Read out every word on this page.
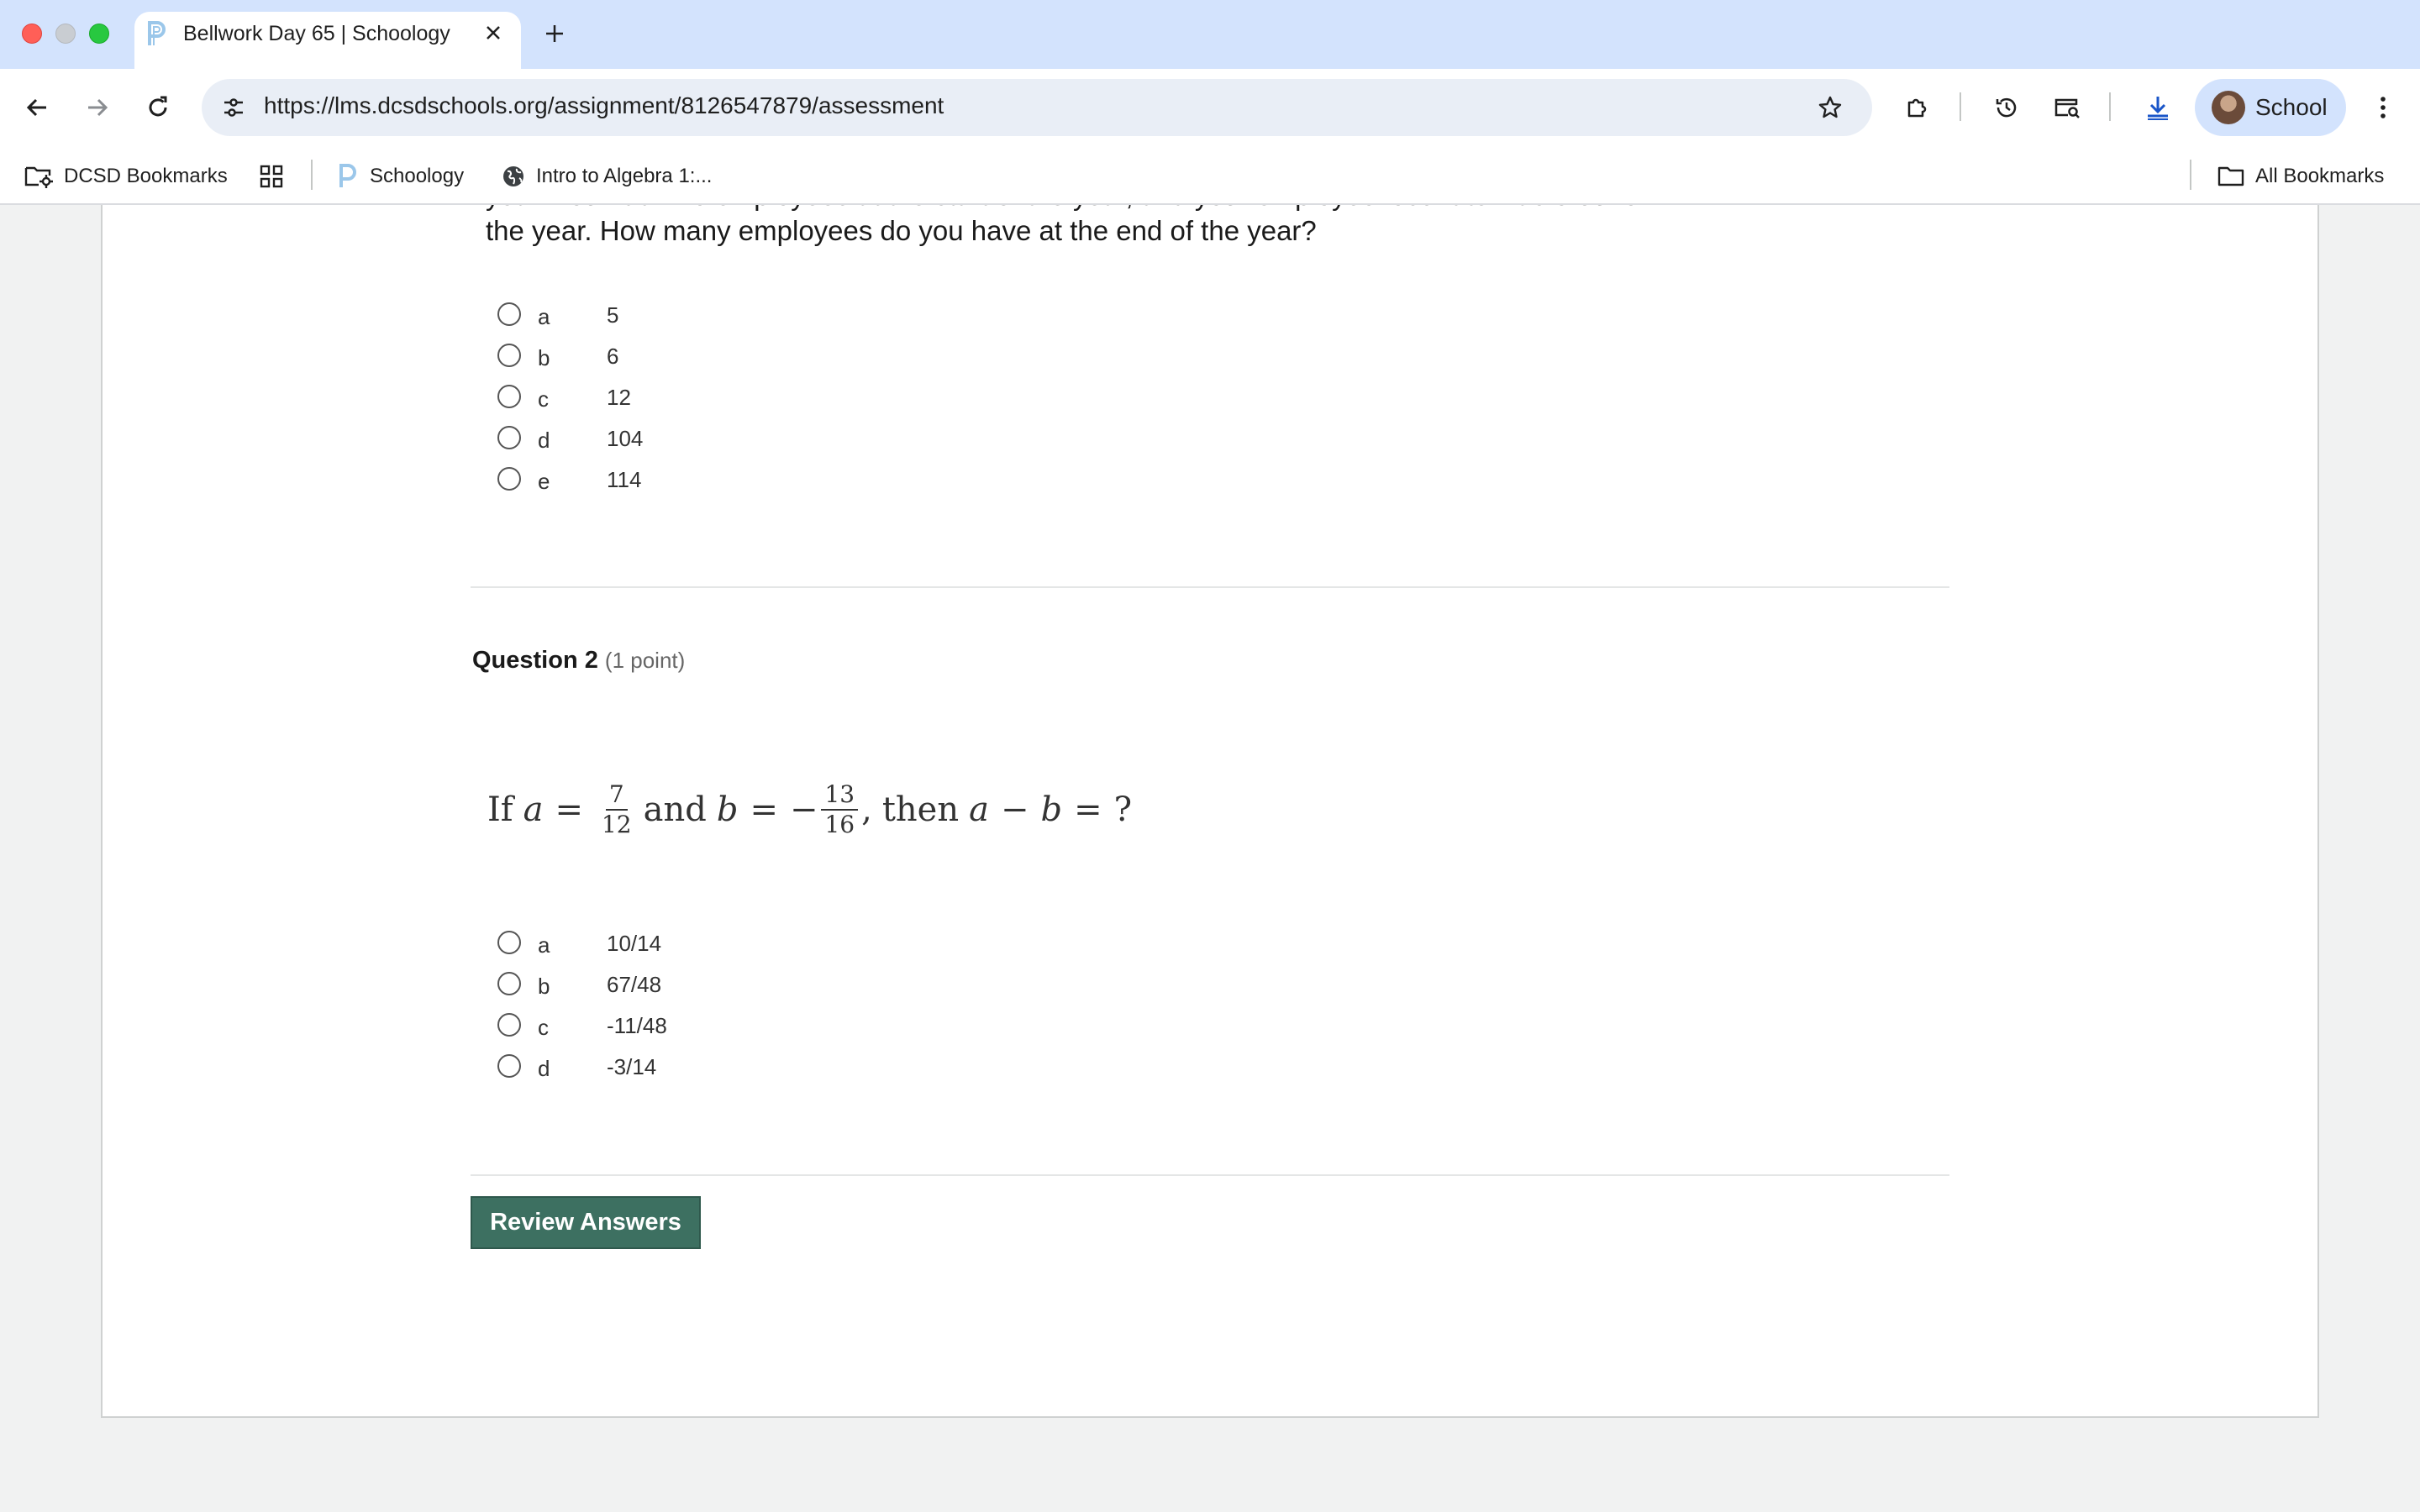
Bellwork Day 65 | Schoology
https://lms.dcsdschools.org/assignment/8126547879/assessment	School
DCSD Bookmarks	Schoology	Intro to Algebra 1:...	All Bookmarks
the year. How many employees do you have at the end of the year?
a	5
b	6
c	12
d	104
e	114
Question 2 (1 point)
If $a = \frac{7}{12}$ and b = − $\frac{13}{16}$ , then a − b = ?
a	10/14
b	67/48
c	-11/48
d	-3/14
Review Answers
